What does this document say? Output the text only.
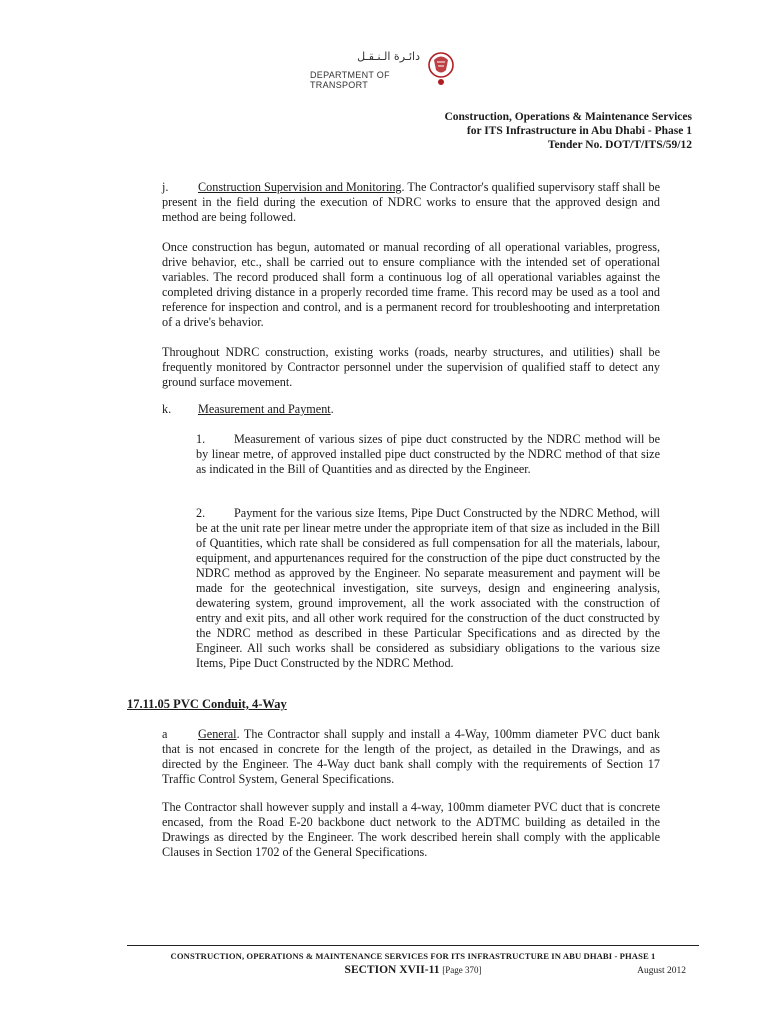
دائـرة الـنـقـل
DEPARTMENT OF TRANSPORT
Construction, Operations & Maintenance Services
for ITS Infrastructure in Abu Dhabi - Phase 1
Tender No. DOT/T/ITS/59/12

j. Construction Supervision and Monitoring. The Contractor's qualified supervisory staff shall be present in the field during the execution of NDRC works to ensure that the approved design and method are being followed.

Once construction has begun, automated or manual recording of all operational variables, progress, drive behavior, etc., shall be carried out to ensure compliance with the intended set of operational variables. The record produced shall form a continuous log of all operational variables against the completed driving distance in a properly recorded time frame. This record may be used as a tool and reference for inspection and control, and is a permanent record for troubleshooting and interpretation of a drive's behavior.

Throughout NDRC construction, existing works (roads, nearby structures, and utilities) shall be frequently monitored by Contractor personnel under the supervision of qualified staff to detect any ground surface movement.

k. Measurement and Payment.

1. Measurement of various sizes of pipe duct constructed by the NDRC method will be by linear metre, of approved installed pipe duct constructed by the NDRC method of that size as indicated in the Bill of Quantities and as directed by the Engineer.

2. Payment for the various size Items, Pipe Duct Constructed by the NDRC Method, will be at the unit rate per linear metre under the appropriate item of that size as included in the Bill of Quantities, which rate shall be considered as full compensation for all the materials, labour, equipment, and appurtenances required for the construction of the pipe duct constructed by the NDRC method as approved by the Engineer. No separate measurement and payment will be made for the geotechnical investigation, site surveys, design and engineering analysis, dewatering system, ground improvement, all the work associated with the construction of entry and exit pits, and all other work required for the construction of the duct constructed by the NDRC method as described in these Particular Specifications and as directed by the Engineer. All such works shall be considered as subsidiary obligations to the various size Items, Pipe Duct Constructed by the NDRC Method.

17.11.05 PVC Conduit, 4-Way

a	General. The Contractor shall supply and install a 4-Way, 100mm diameter PVC duct bank that is not encased in concrete for the length of the project, as detailed in the Drawings, and as directed by the Engineer. The 4-Way duct bank shall comply with the requirements of Section 17 Traffic Control System, General Specifications.

The Contractor shall however supply and install a 4-way, 100mm diameter PVC duct that is concrete encased, from the Road E-20 backbone duct network to the ADTMC building as detailed in the Drawings as directed by the Engineer. The work described herein shall comply with the applicable Clauses in Section 1702 of the General Specifications.

CONSTRUCTION, OPERATIONS & MAINTENANCE SERVICES FOR ITS INFRASTRUCTURE IN ABU DHABI - PHASE 1
SECTION XVII-11 [Page 370]	August 2012
